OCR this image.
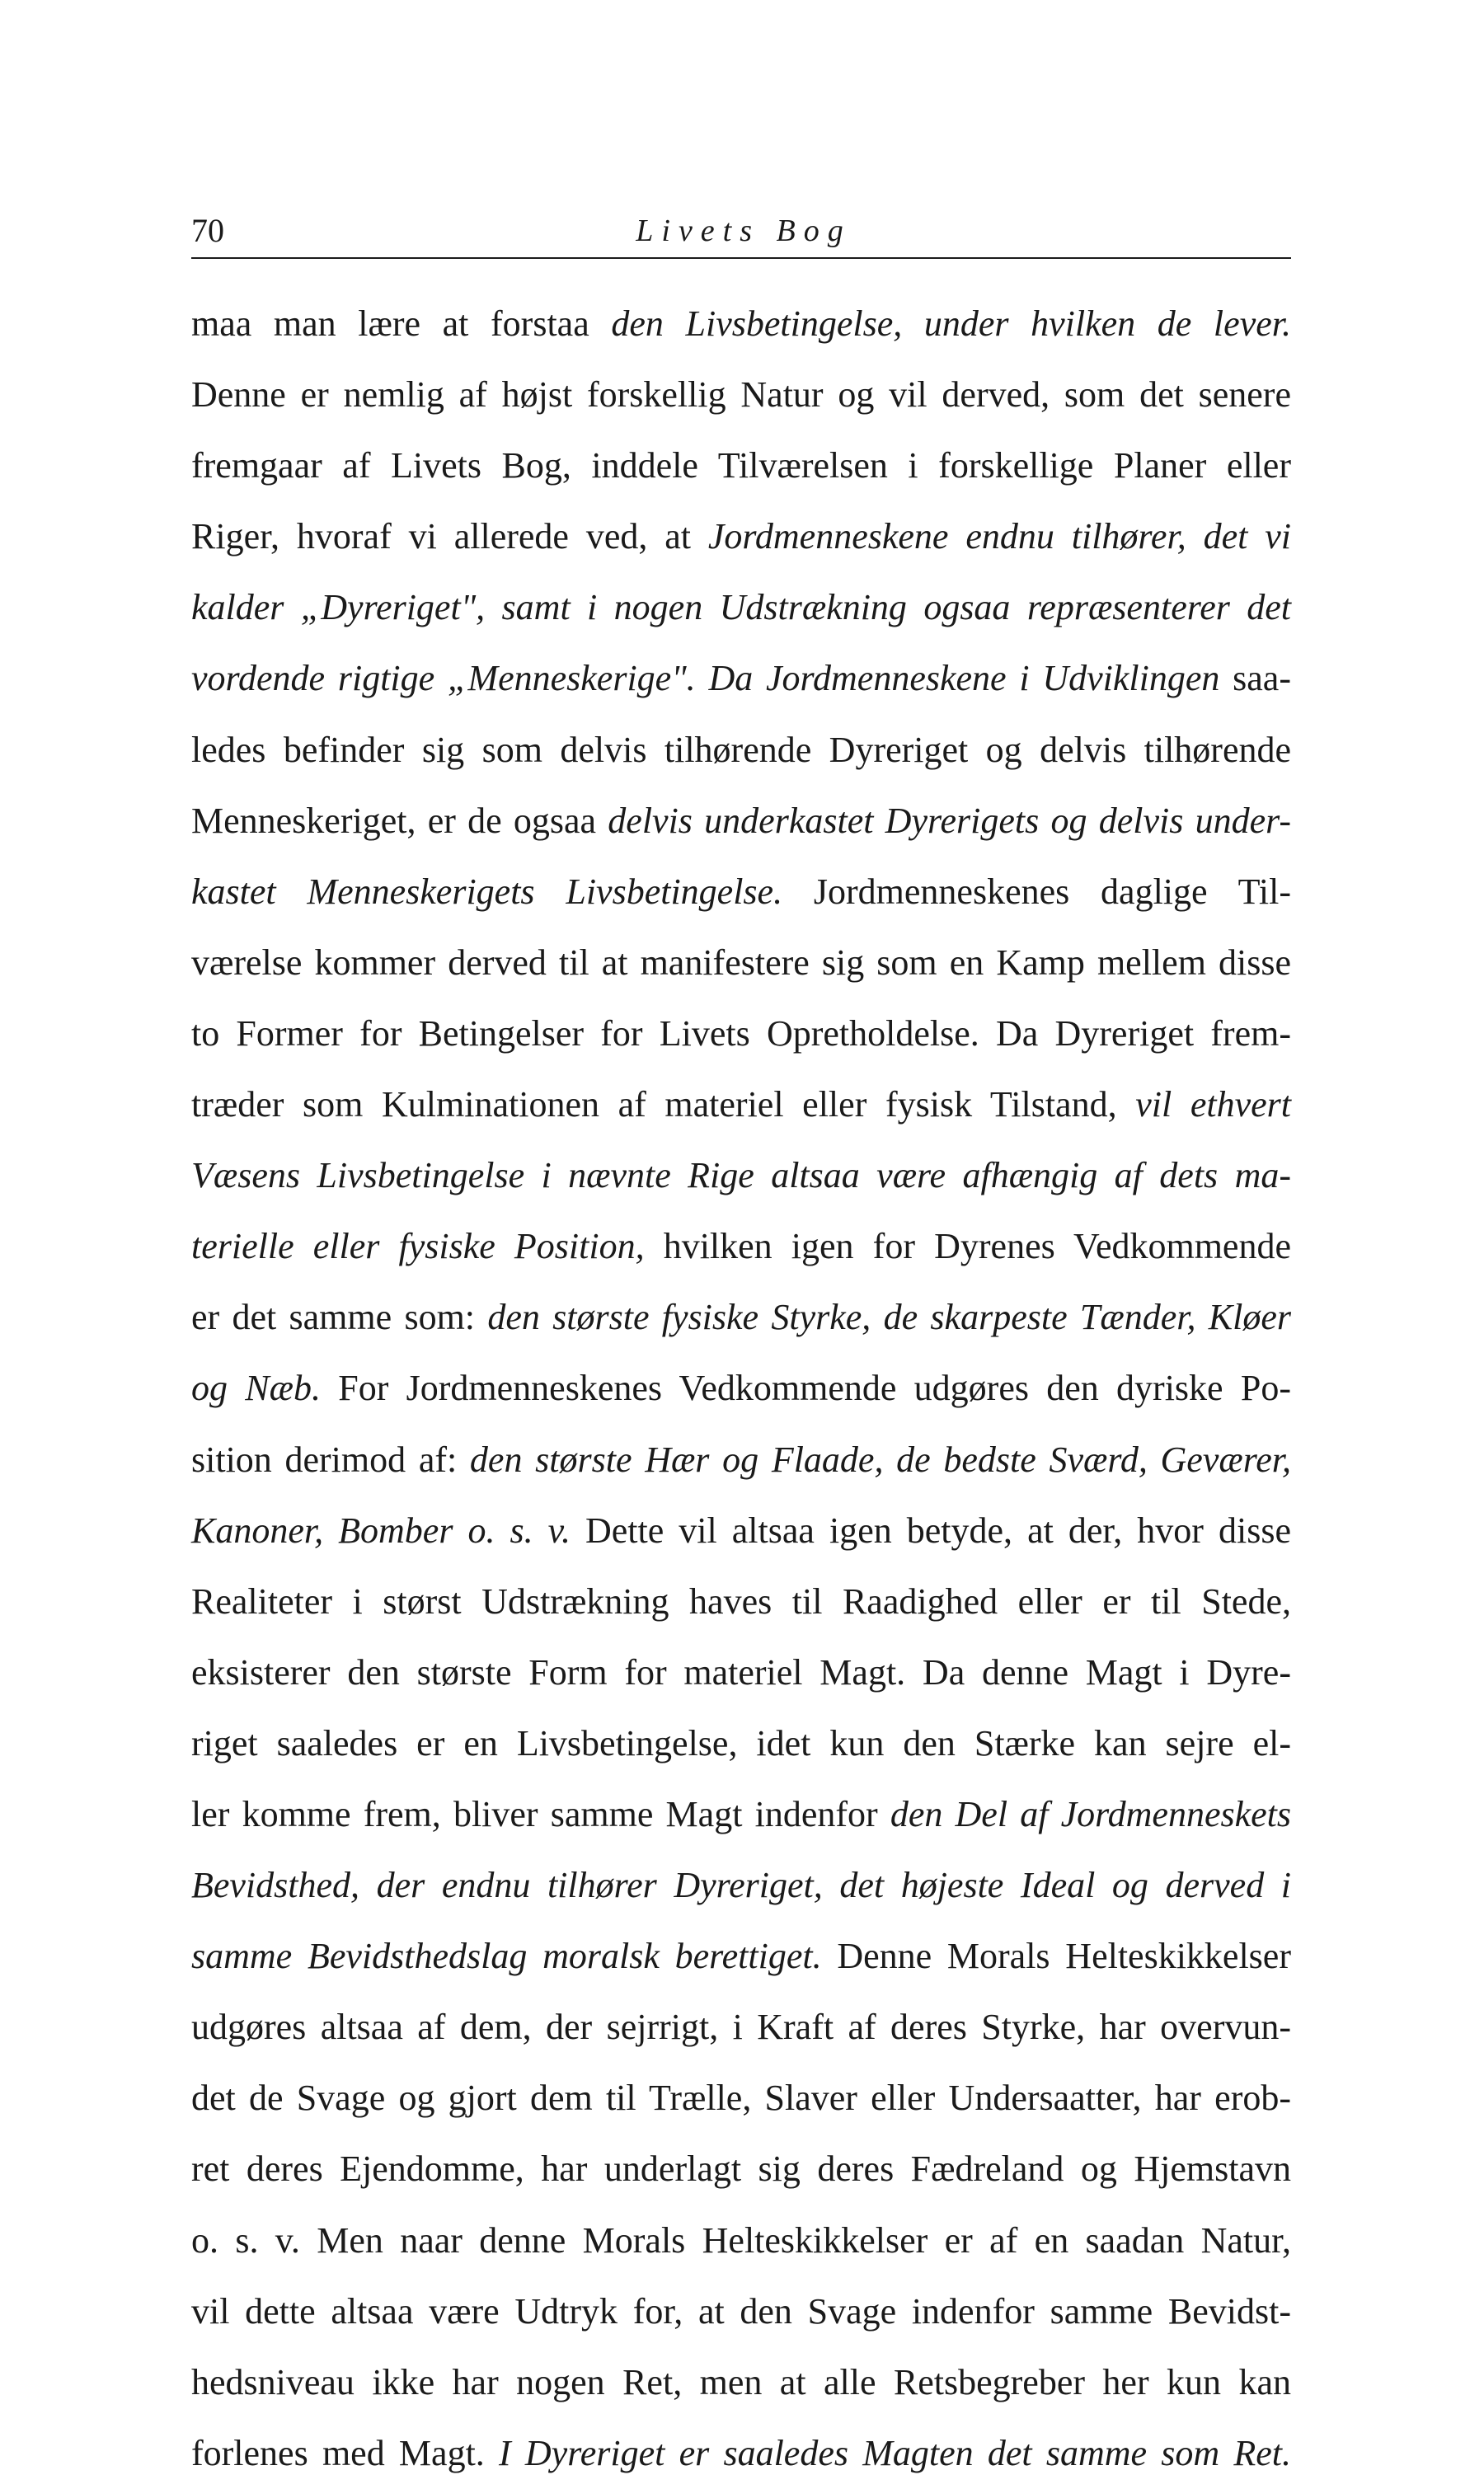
70	Livets Bog
maa man lære at forstaa den Livsbetingelse, under hvilken de lever.
Denne er nemlig af højst forskellig Natur og vil derved, som det senere
fremgaar af Livets Bog, inddele Tilværelsen i forskellige Planer eller
Riger, hvoraf vi allerede ved, at Jordmenneskene endnu tilhører, det vi
kalder „Dyreriget", samt i nogen Udstrækning ogsaa repræsenterer det
vordende rigtige „Menneskerige". Da Jordmenneskene i Udviklingen saa-
ledes befinder sig som delvis tilhørende Dyreriget og delvis tilhørende
Menneskeriget, er de ogsaa delvis underkastet Dyrerigets og delvis under-
kastet Menneskerigets Livsbetingelse. Jordmenneskenes daglige Til-
værelse kommer derved til at manifestere sig som en Kamp mellem disse
to Former for Betingelser for Livets Opretholdelse. Da Dyreriget frem-
træder som Kulminationen af materiel eller fysisk Tilstand, vil ethvert
Væsens Livsbetingelse i nævnte Rige altsaa være afhængig af dets ma-
terielle eller fysiske Position, hvilken igen for Dyrenes Vedkommende
er det samme som: den største fysiske Styrke, de skarpeste Tænder, Kløer
og Næb. For Jordmenneskenes Vedkommende udgøres den dyriske Po-
sition derimod af: den største Hær og Flaade, de bedste Sværd, Geværer,
Kanoner, Bomber o. s. v. Dette vil altsaa igen betyde, at der, hvor disse
Realiteter i størst Udstrækning haves til Raadighed eller er til Stede,
eksisterer den største Form for materiel Magt. Da denne Magt i Dyre-
riget saaledes er en Livsbetingelse, idet kun den Stærke kan sejre el-
ler komme frem, bliver samme Magt indenfor den Del af Jordmenneskets
Bevidsthed, der endnu tilhører Dyreriget, det højeste Ideal og derved i
samme Bevidsthedslag moralsk berettiget. Denne Morals Helteskikkelser
udgøres altsaa af dem, der sejrrigt, i Kraft af deres Styrke, har overvun-
det de Svage og gjort dem til Trælle, Slaver eller Undersaatter, har erob-
ret deres Ejendomme, har underlagt sig deres Fædreland og Hjemstavn
o. s. v. Men naar denne Morals Helteskikkelser er af en saadan Natur,
vil dette altsaa være Udtryk for, at den Svage indenfor samme Bevidst-
hedsniveau ikke har nogen Ret, men at alle Retsbegreber her kun kan
forlenes med Magt. I Dyreriget er saaledes Magten det samme som Ret.
